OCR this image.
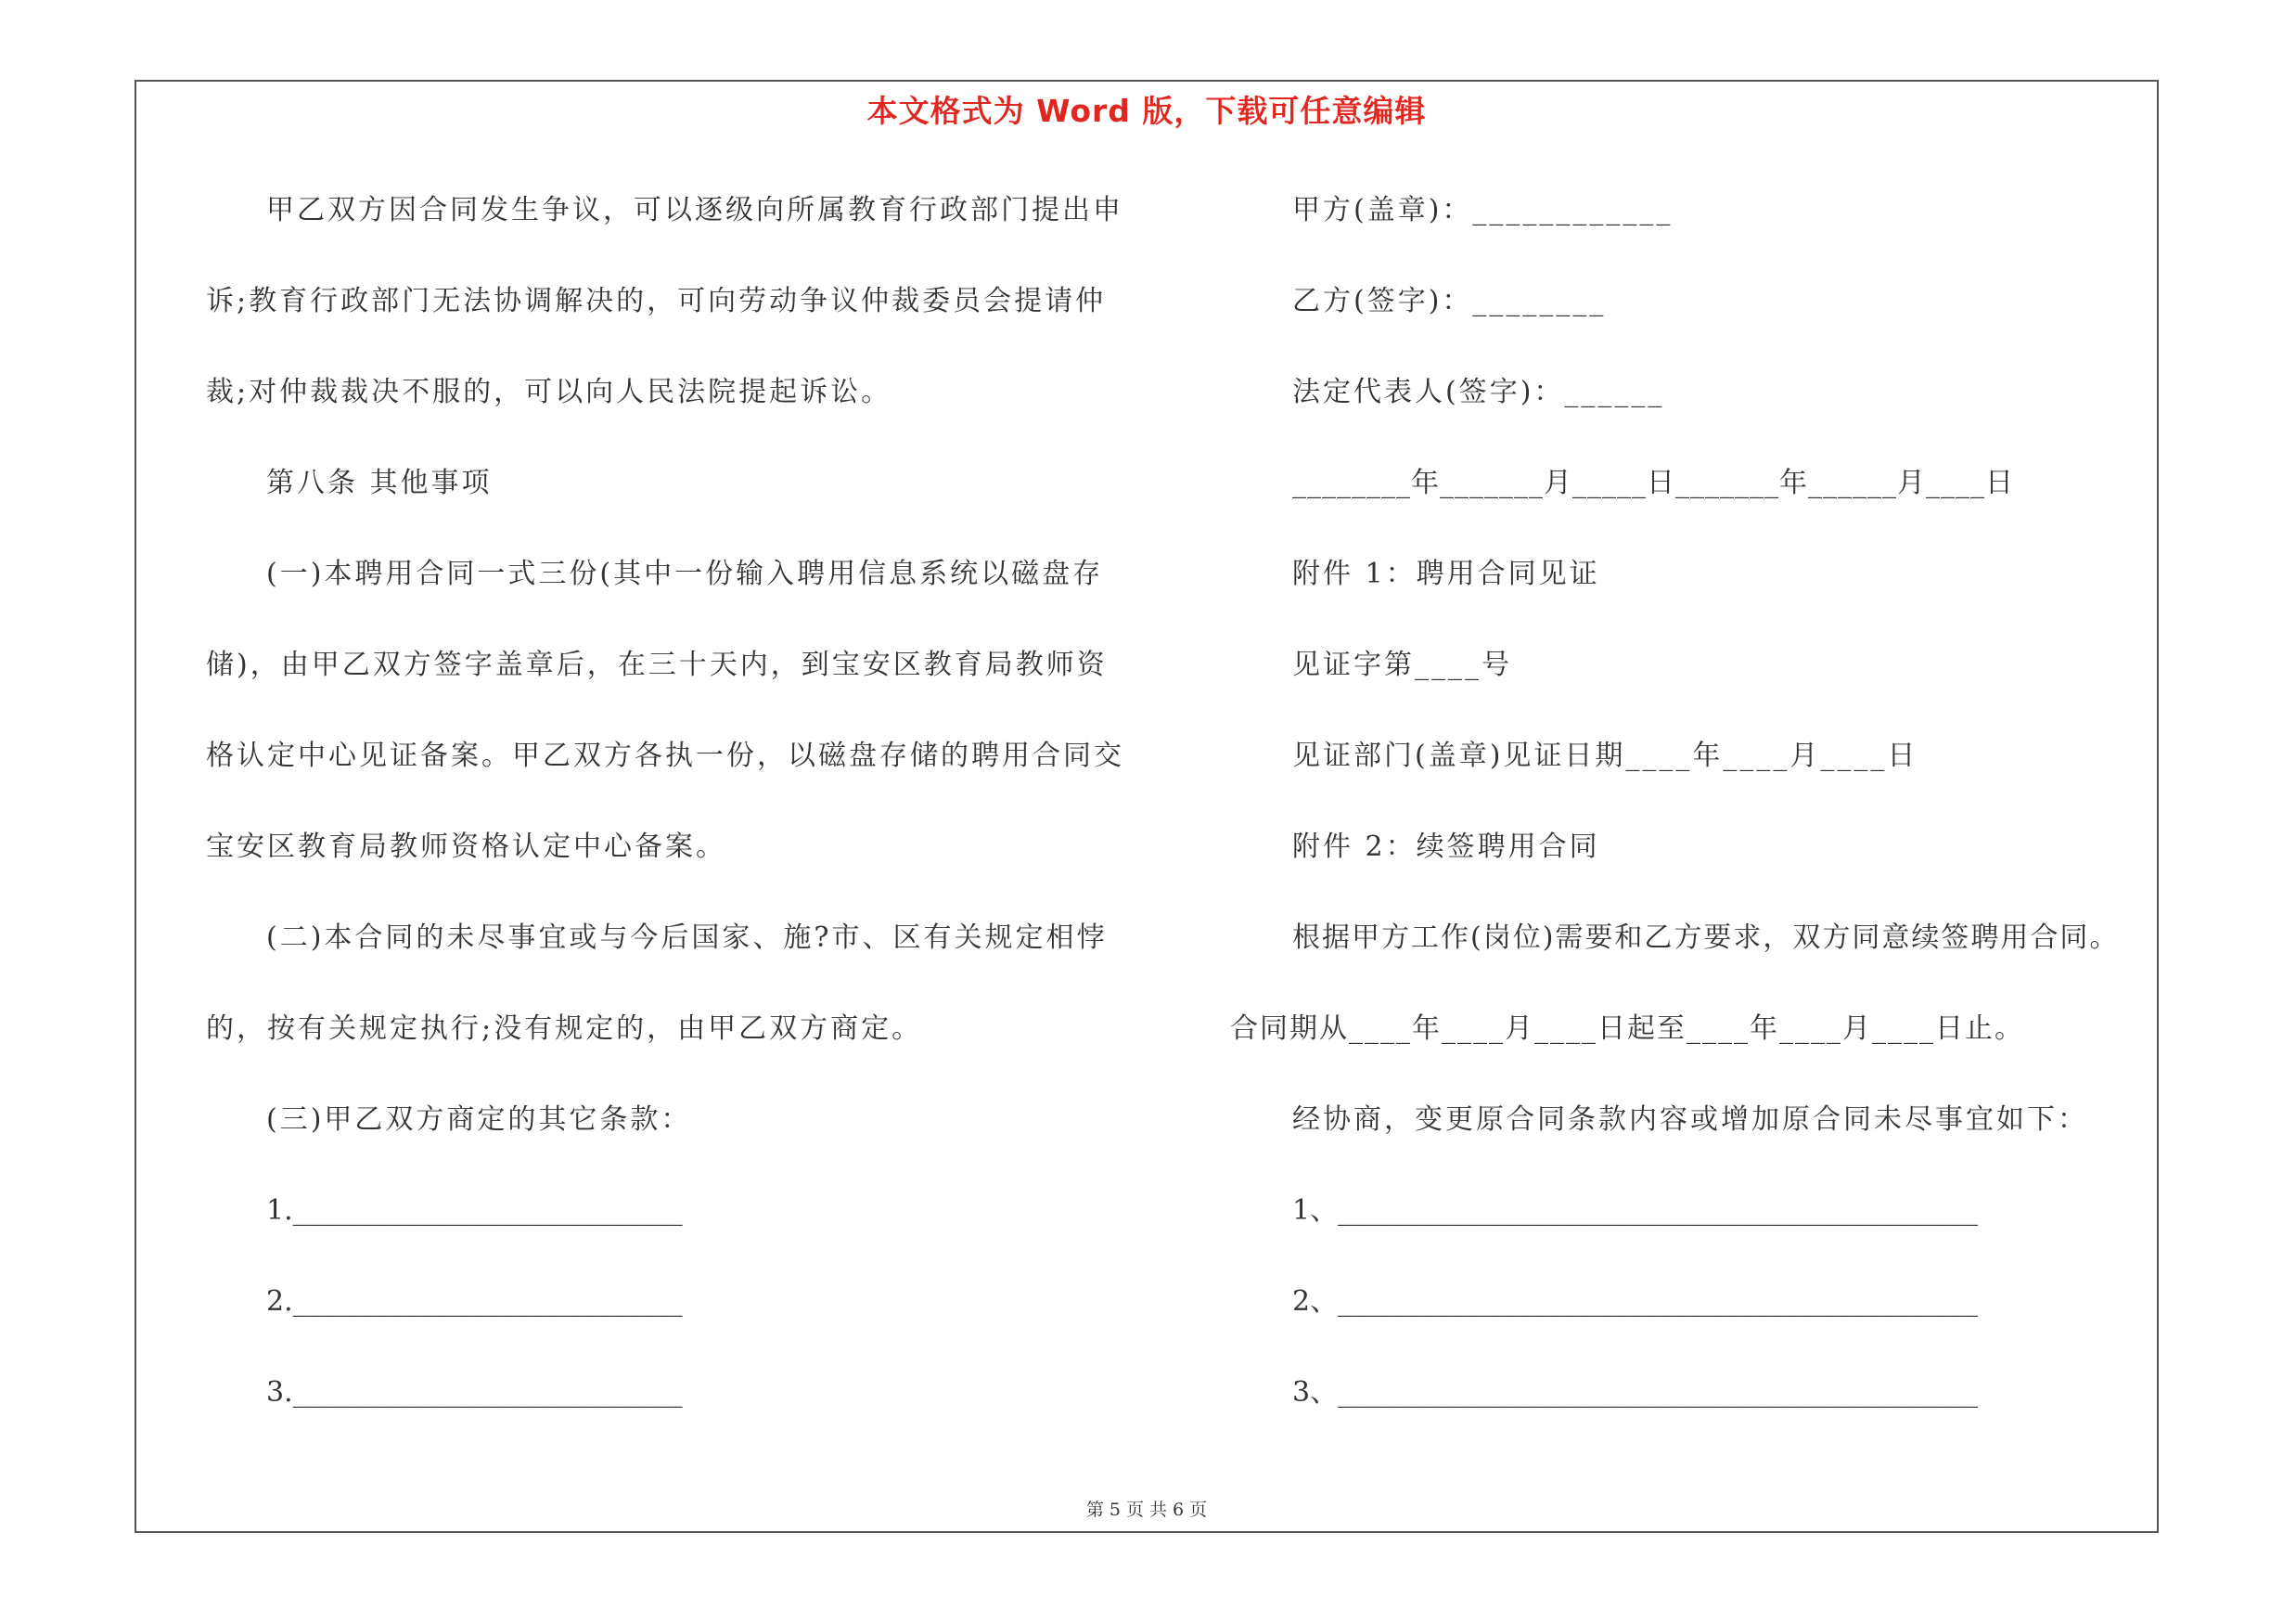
本文格式为 Word 版，下载可任意编辑
甲乙双方因合同发生争议，可以逐级向所属教育行政部门提出申
诉;教育行政部门无法协调解决的，可向劳动争议仲裁委员会提请仲
裁;对仲裁裁决不服的，可以向人民法院提起诉讼。
第八条 其他事项
(一)本聘用合同一式三份(其中一份输入聘用信息系统以磁盘存
储)，由甲乙双方签字盖章后，在三十天内，到宝安区教育局教师资
格认定中心见证备案。甲乙双方各执一份，以磁盘存储的聘用合同交
宝安区教育局教师资格认定中心备案。
(二)本合同的未尽事宜或与今后国家、施?市、区有关规定相悖
的，按有关规定执行;没有规定的，由甲乙双方商定。
(三)甲乙双方商定的其它条款：
1.____________________________
2.____________________________
3.____________________________
甲方(盖章)：____________
乙方(签字)：________
法定代表人(签字)：______
________年_______月_____日_______年______月____日
附件 1：聘用合同见证
见证字第____号
见证部门(盖章)见证日期____年____月____日
附件 2：续签聘用合同
根据甲方工作(岗位)需要和乙方要求，双方同意续签聘用合同。
合同期从____年____月____日起至____年____月____日止。
经协商，变更原合同条款内容或增加原合同未尽事宜如下：
1、______________________________________________
2、______________________________________________
3、______________________________________________
第 5 页 共 6 页
